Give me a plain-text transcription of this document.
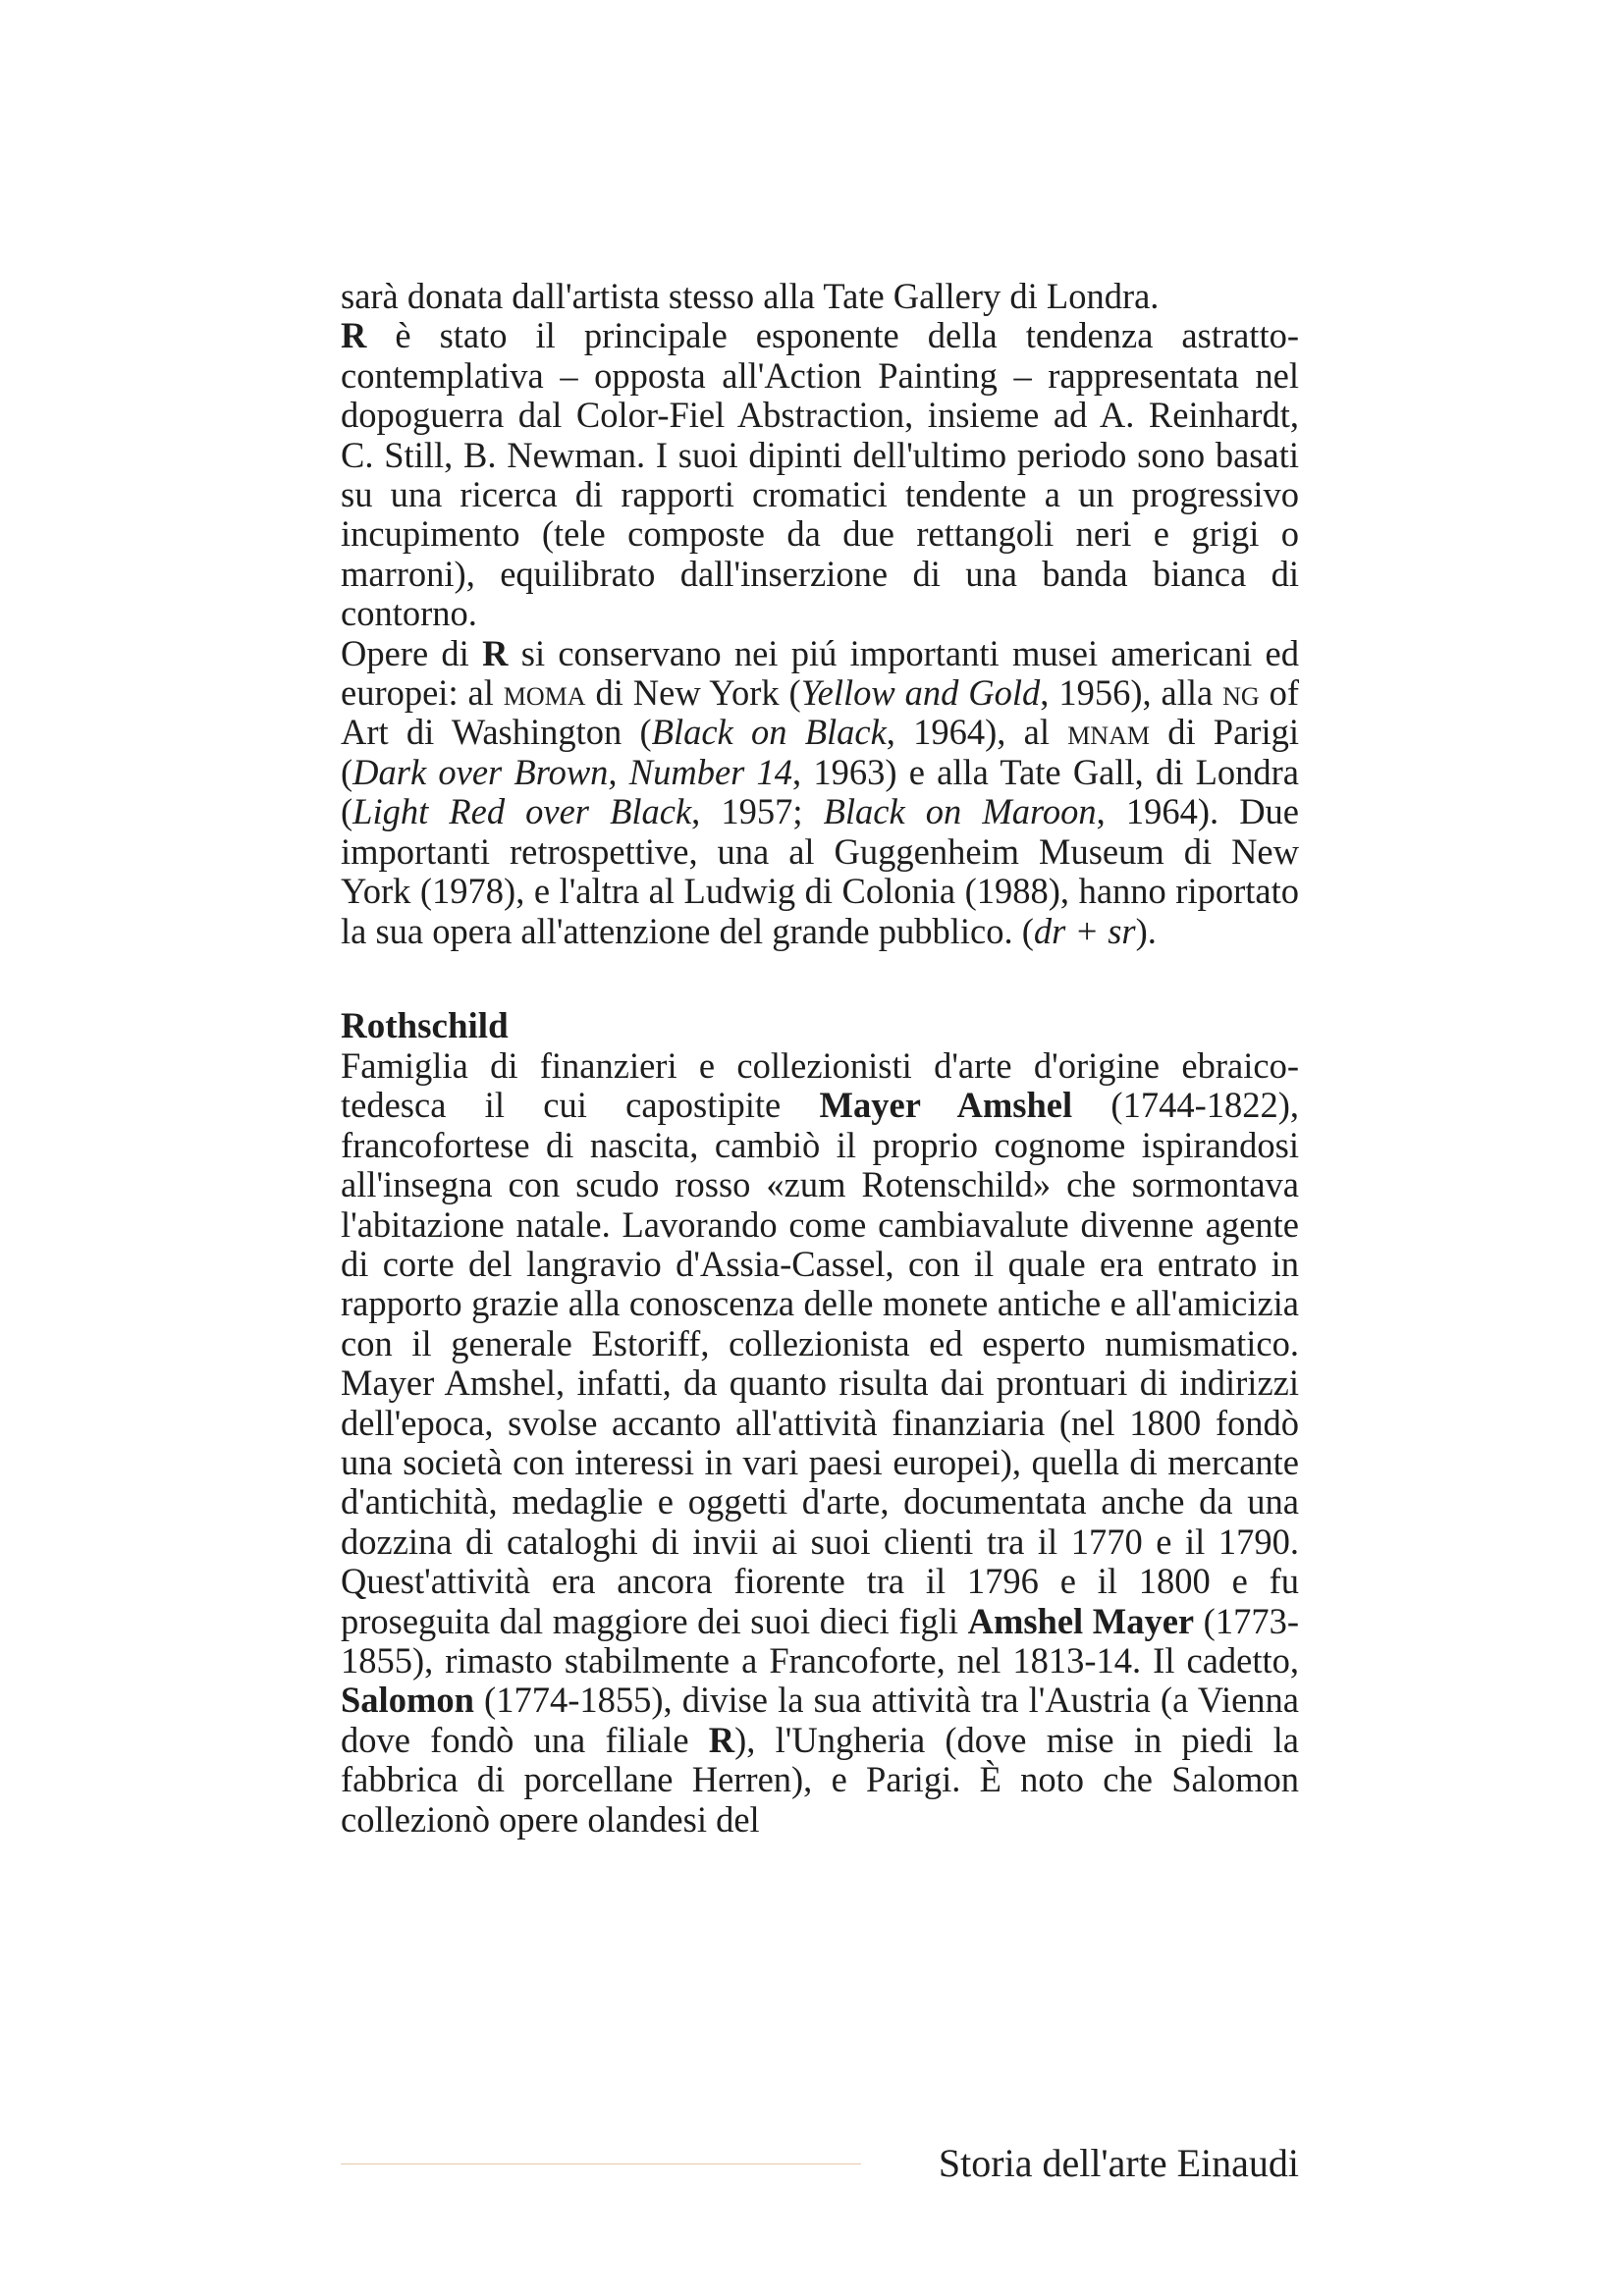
sarà donata dall'artista stesso alla Tate Gallery di Londra.

R è stato il principale esponente della tendenza astratto-contemplativa – opposta all'Action Painting – rappresentata nel dopoguerra dal Color-Fiel Abstraction, insieme ad A. Reinhardt, C. Still, B. Newman. I suoi dipinti dell'ultimo periodo sono basati su una ricerca di rapporti cromatici tendente a un progressivo incupimento (tele composte da due rettangoli neri e grigi o marroni), equilibrato dall'inserzione di una banda bianca di contorno.

Opere di R si conservano nei piú importanti musei americani ed europei: al moma di New York (Yellow and Gold, 1956), alla ng of Art di Washington (Black on Black, 1964), al mnam di Parigi (Dark over Brown, Number 14, 1963) e alla Tate Gall, di Londra (Light Red over Black, 1957; Black on Maroon, 1964). Due importanti retrospettive, una al Guggenheim Museum di New York (1978), e l'altra al Ludwig di Colonia (1988), hanno riportato la sua opera all'attenzione del grande pubblico. (dr + sr).

Rothschild

Famiglia di finanzieri e collezionisti d'arte d'origine ebraico-tedesca il cui capostipite Mayer Amshel (1744-1822), francofortese di nascita, cambiò il proprio cognome ispirandosi all'insegna con scudo rosso «zum Rotenschild» che sormontava l'abitazione natale. Lavorando come cambiavalute divenne agente di corte del langravio d'Assia-Cassel, con il quale era entrato in rapporto grazie alla conoscenza delle monete antiche e all'amicizia con il generale Estoriff, collezionista ed esperto numismatico. Mayer Amshel, infatti, da quanto risulta dai prontuari di indirizzi dell'epoca, svolse accanto all'attività finanziaria (nel 1800 fondò una società con interessi in vari paesi europei), quella di mercante d'antichità, medaglie e oggetti d'arte, documentata anche da una dozzina di cataloghi di invii ai suoi clienti tra il 1770 e il 1790. Quest'attività era ancora fiorente tra il 1796 e il 1800 e fu proseguita dal maggiore dei suoi dieci figli Amshel Mayer (1773-1855), rimasto stabilmente a Francoforte, nel 1813-14. Il cadetto, Salomon (1774-1855), divise la sua attività tra l'Austria (a Vienna dove fondò una filiale R), l'Ungheria (dove mise in piedi la fabbrica di porcellane Herren), e Parigi. È noto che Salomon collezionò opere olandesi del

Storia dell'arte Einaudi
